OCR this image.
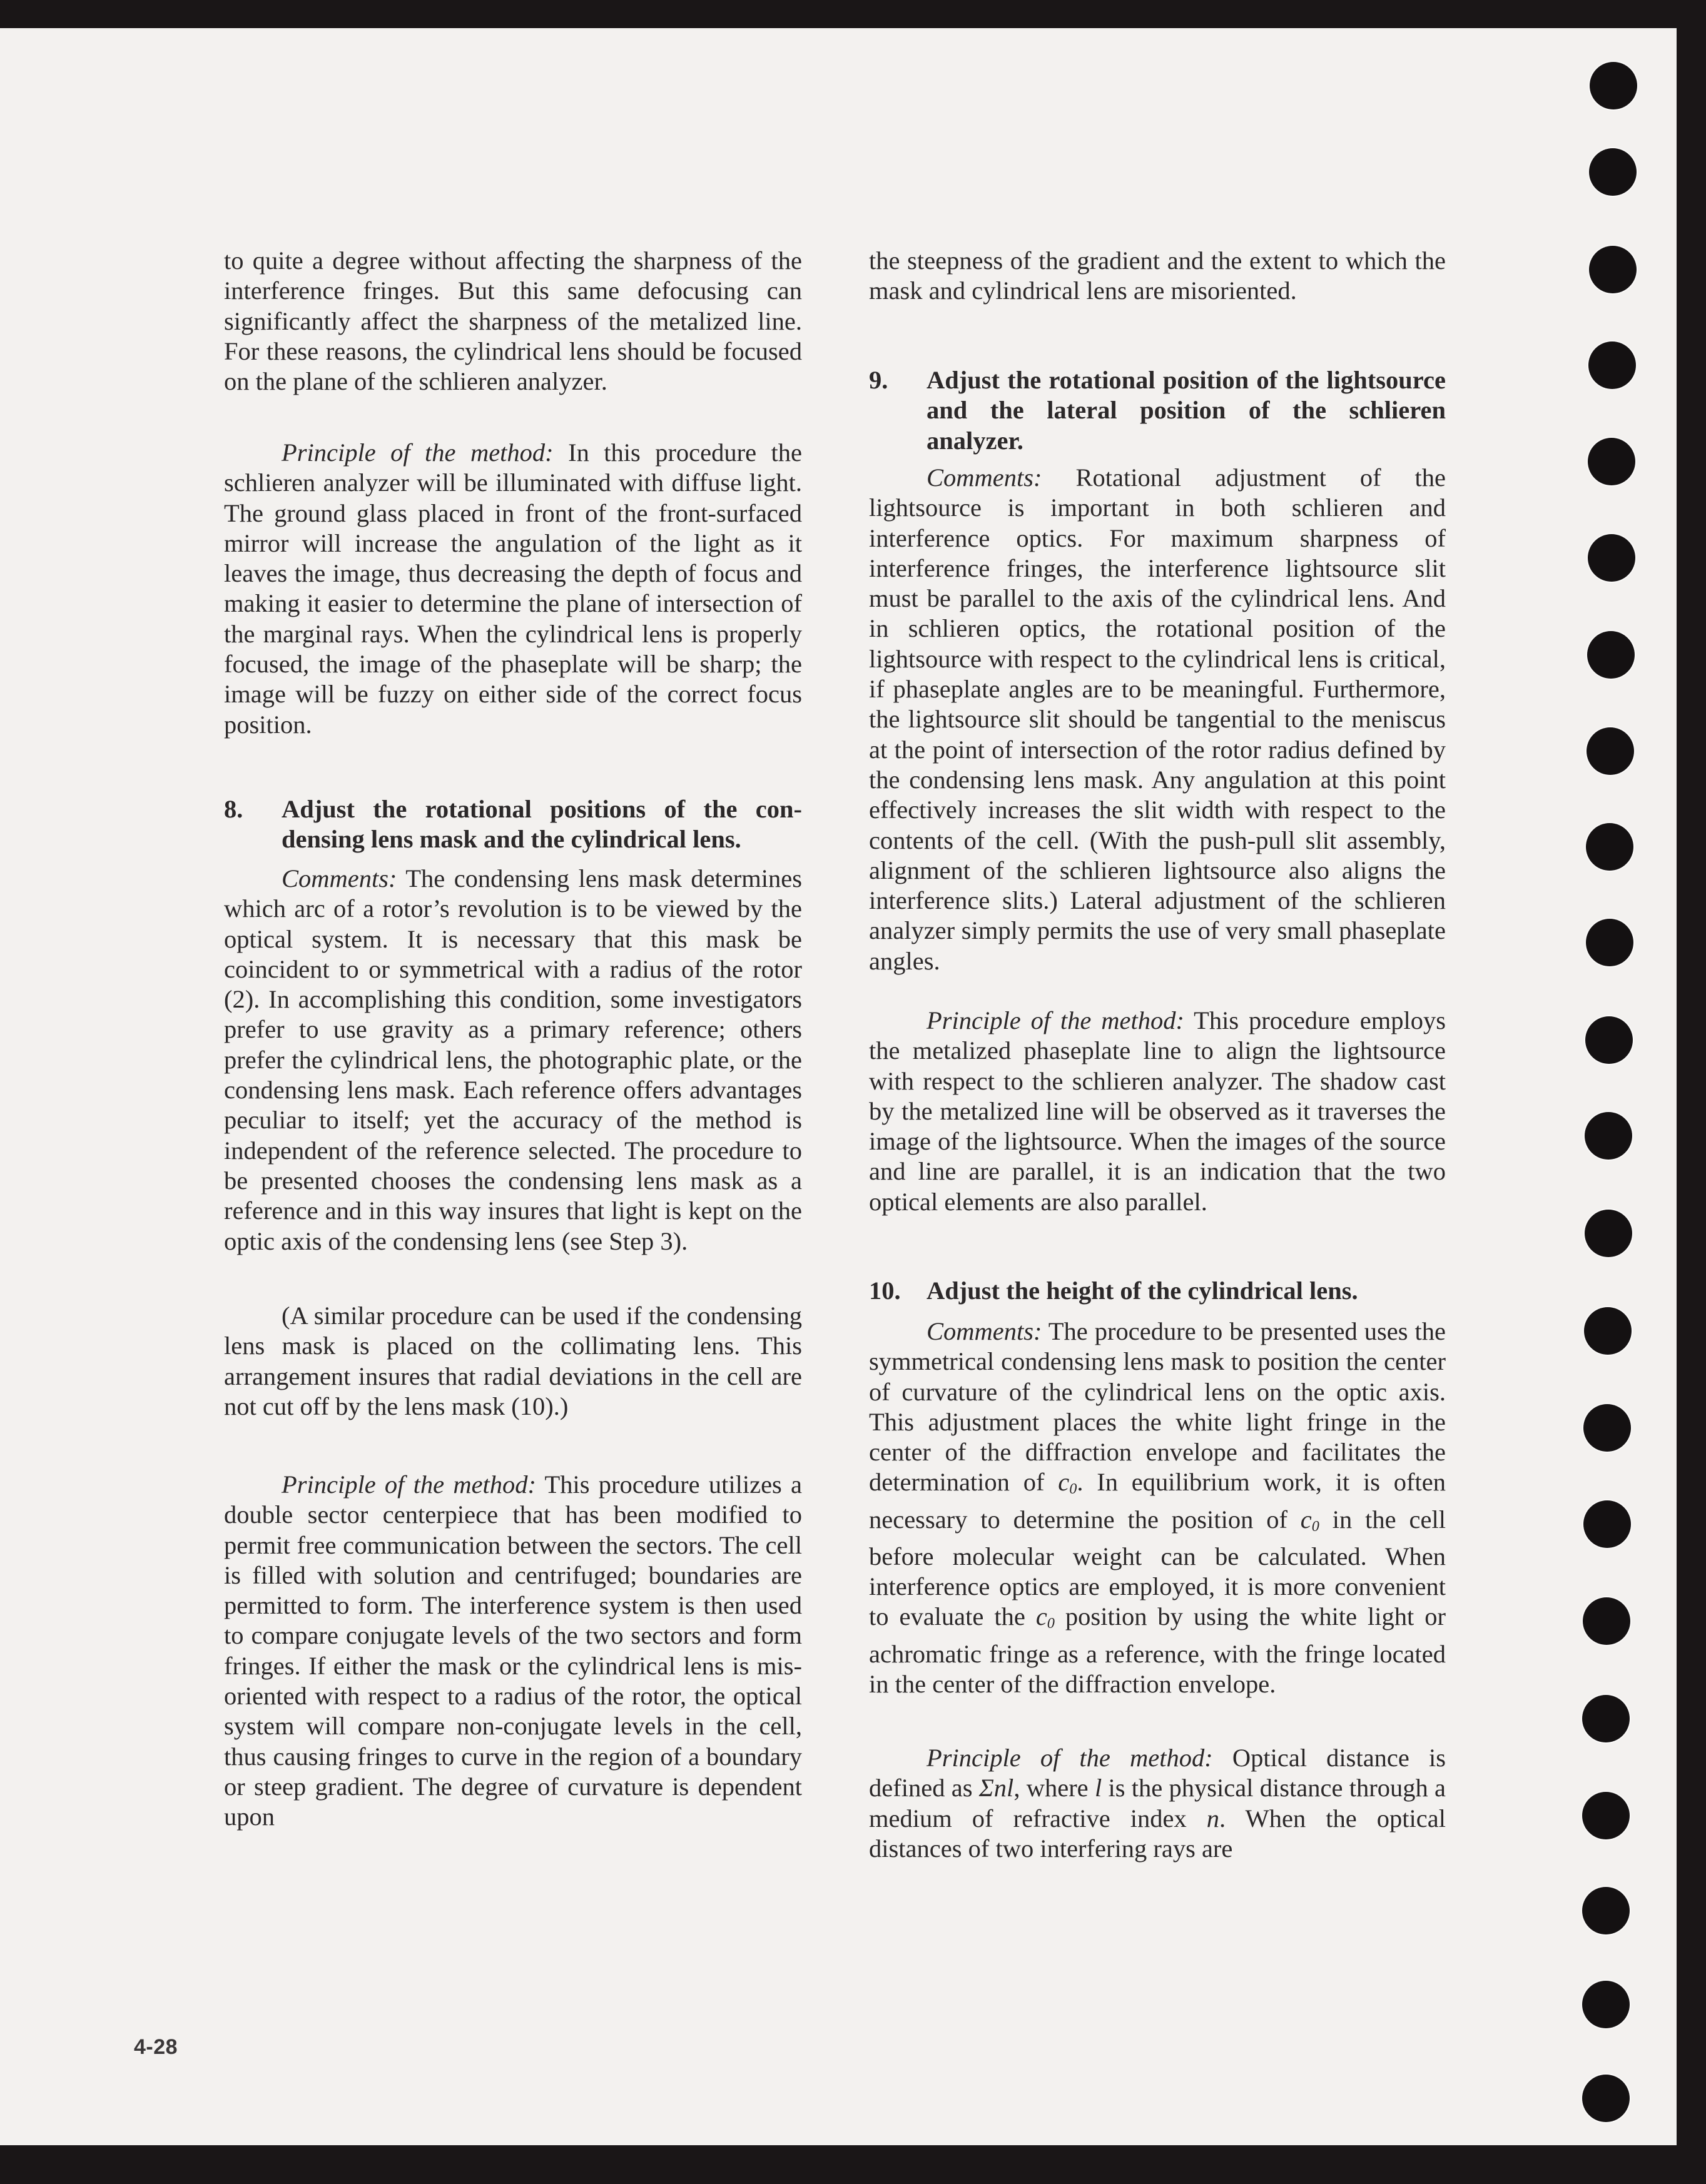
to quite a degree without affecting the sharpness of the interference fringes. But this same defocusing can significantly affect the sharpness of the metalized line. For these reasons, the cylindrical lens should be focused on the plane of the schlieren analyzer.

Principle of the method: In this procedure the schlieren analyzer will be illuminated with diffuse light. The ground glass placed in front of the front-surfaced mirror will increase the angulation of the light as it leaves the image, thus decreasing the depth of focus and making it easier to determine the plane of intersection of the marginal rays. When the cylindrical lens is properly focused, the image of the phaseplate will be sharp; the image will be fuzzy on either side of the correct focus position.

8. Adjust the rotational positions of the condensing lens mask and the cylindrical lens.

Comments: The condensing lens mask determines which arc of a rotor’s revolution is to be viewed by the optical system. It is necessary that this mask be coincident to or symmetrical with a radius of the rotor (2). In accomplishing this condition, some investigators prefer to use gravity as a primary reference; others prefer the cylindrical lens, the photographic plate, or the condensing lens mask. Each reference offers advantages peculiar to itself; yet the accuracy of the method is independent of the reference selected. The procedure to be presented chooses the condensing lens mask as a reference and in this way insures that light is kept on the optic axis of the condensing lens (see Step 3).

(A similar procedure can be used if the condensing lens mask is placed on the collimating lens. This arrangement insures that radial deviations in the cell are not cut off by the lens mask (10).)

Principle of the method: This procedure utilizes a double sector centerpiece that has been modified to permit free communication between the sectors. The cell is filled with solution and centrifuged; boundaries are permitted to form. The interference system is then used to compare conjugate levels of the two sectors and form fringes. If either the mask or the cylindrical lens is mis-oriented with respect to a radius of the rotor, the optical system will compare non-conjugate levels in the cell, thus causing fringes to curve in the region of a boundary or steep gradient. The degree of curvature is dependent upon

the steepness of the gradient and the extent to which the mask and cylindrical lens are misoriented.

9. Adjust the rotational position of the lightsource and the lateral position of the schlieren analyzer.

Comments: Rotational adjustment of the lightsource is important in both schlieren and interference optics. For maximum sharpness of interference fringes, the interference lightsource slit must be parallel to the axis of the cylindrical lens. And in schlieren optics, the rotational position of the lightsource with respect to the cylindrical lens is critical, if phaseplate angles are to be meaningful. Furthermore, the lightsource slit should be tangential to the meniscus at the point of intersection of the rotor radius defined by the condensing lens mask. Any angulation at this point effectively increases the slit width with respect to the contents of the cell. (With the push-pull slit assembly, alignment of the schlieren lightsource also aligns the interference slits.) Lateral adjustment of the schlieren analyzer simply permits the use of very small phaseplate angles.

Principle of the method: This procedure employs the metalized phaseplate line to align the lightsource with respect to the schlieren analyzer. The shadow cast by the metalized line will be observed as it traverses the image of the lightsource. When the images of the source and line are parallel, it is an indication that the two optical elements are also parallel.

10. Adjust the height of the cylindrical lens.

Comments: The procedure to be presented uses the symmetrical condensing lens mask to position the center of curvature of the cylindrical lens on the optic axis. This adjustment places the white light fringe in the center of the diffraction envelope and facilitates the determination of $c_0$. In equilibrium work, it is often necessary to determine the position of $c_0$ in the cell before molecular weight can be calculated. When interference optics are employed, it is more convenient to evaluate the $c_0$ position by using the white light or achromatic fringe as a reference, with the fringe located in the center of the diffraction envelope.

Principle of the method: Optical distance is defined as Σnl, where l is the physical distance through a medium of refractive index n. When the optical distances of two interfering rays are

4-28
